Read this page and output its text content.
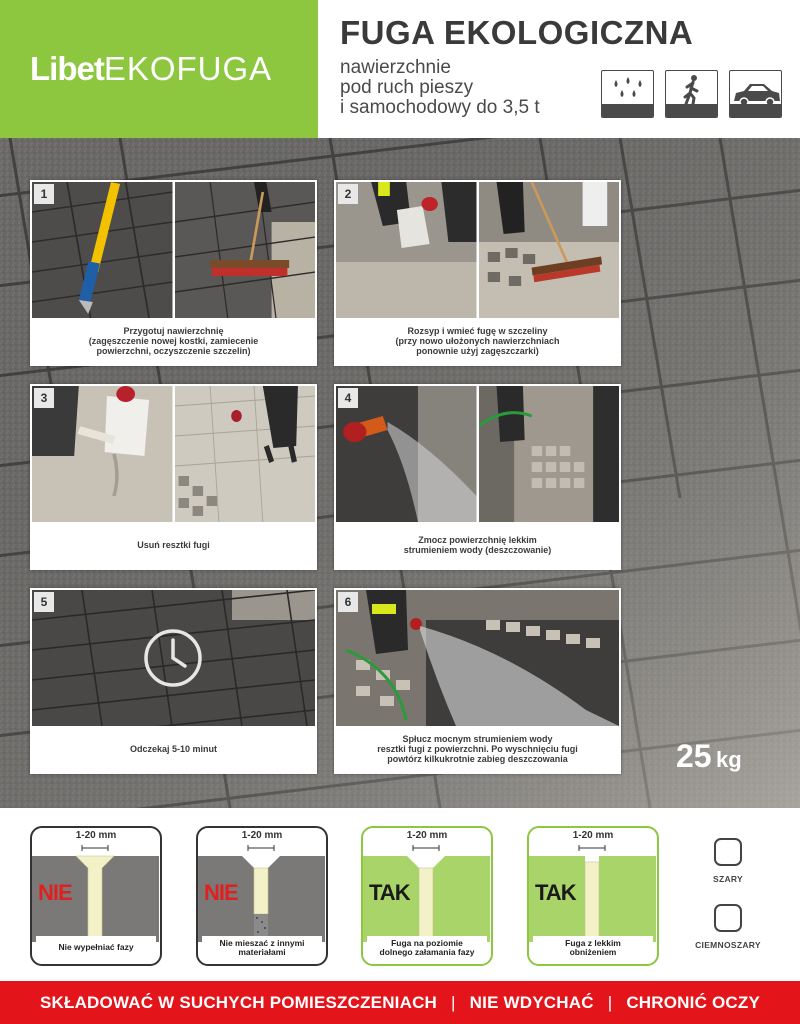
LibetEKOFUGA
FUGA EKOLOGICZNA
nawierzchnie
pod ruch pieszy
i samochodowy do 3,5 t
1
Przygotuj nawierzchnię
(zagęszczenie nowej kostki, zamiecenie
powierzchni, oczyszczenie szczelin)
2
Rozsyp i wmieć fugę w szczeliny
(przy nowo ułożonych nawierzchniach
ponownie użyj zagęszczarki)
3
Usuń resztki fugi
4
Zmocz powierzchnię lekkim
strumieniem wody (deszczowanie)
5
Odczekaj 5-10 minut
6
Spłucz mocnym strumieniem wody
resztki fugi z powierzchni. Po wyschnięciu fugi
powtórz kilkukrotnie zabieg deszczowania	25 kg
1-20 mm
NIE
Nie wypełniać fazy
1-20 mm
NIE
Nie mieszać z innymi
materiałami
1-20 mm
TAK
Fuga na poziomie
dolnego załamania fazy
1-20 mm
TAK
Fuga z lekkim
obniżeniem
SZARY
CIEMNOSZARY
SKŁADOWAĆ W SUCHYCH POMIESZCZENIACH | NIE WDYCHAĆ | CHRONIĆ OCZY
